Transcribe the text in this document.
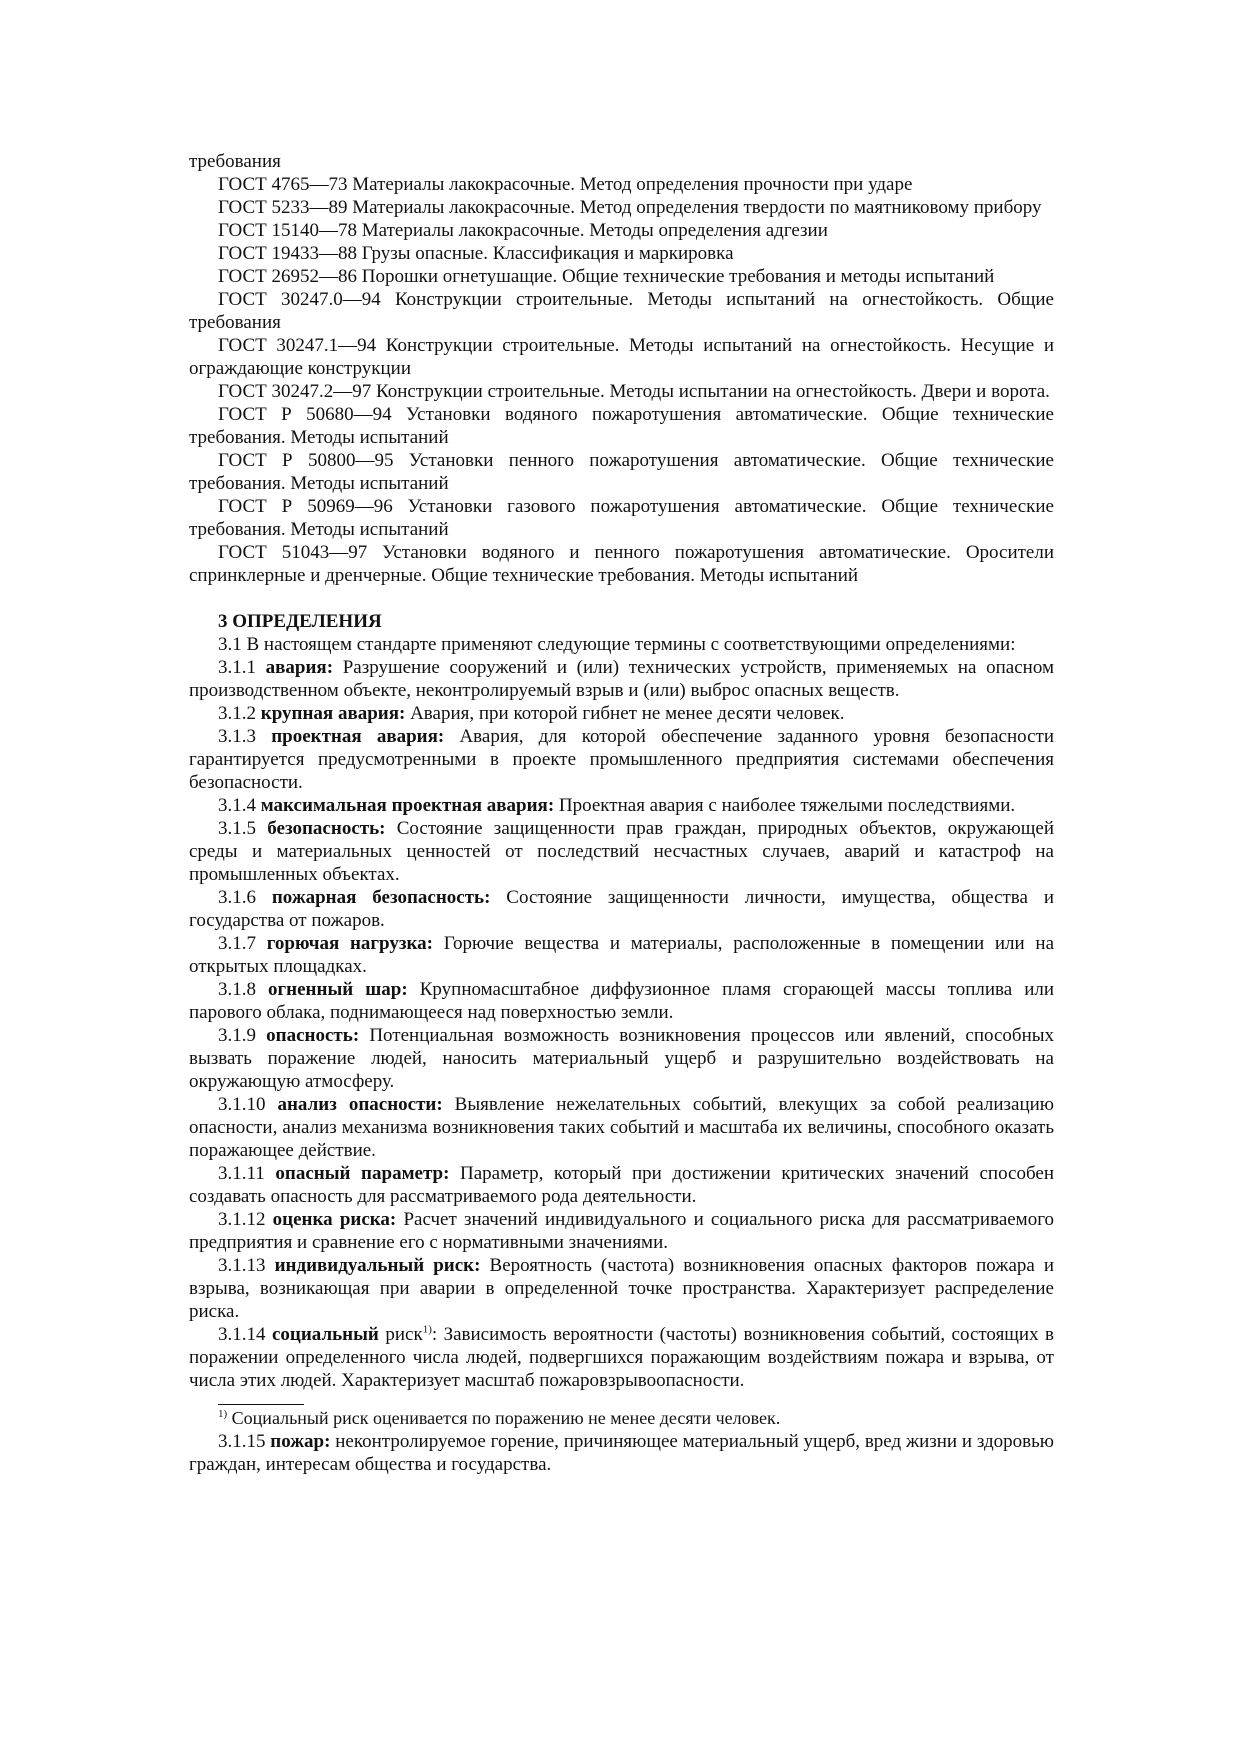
требования

ГОСТ 4765—73 Материалы лакокрасочные. Метод определения прочности при ударе

ГОСТ 5233—89 Материалы лакокрасочные. Метод определения твердости по маятниковому прибору

ГОСТ 15140—78 Материалы лакокрасочные. Методы определения адгезии

ГОСТ 19433—88 Грузы опасные. Классификация и маркировка

ГОСТ 26952—86 Порошки огнетушащие. Общие технические требования и методы испытаний

ГОСТ 30247.0—94 Конструкции строительные. Методы испытаний на огнестойкость. Общие требования

ГОСТ 30247.1—94 Конструкции строительные. Методы испытаний на огнестойкость. Несущие и ограждающие конструкции

ГОСТ 30247.2—97 Конструкции строительные. Методы испытании на огнестойкость. Двери и ворота.

ГОСТ Р 50680—94 Установки водяного пожаротушения автоматические. Общие технические требования. Методы испытаний

ГОСТ Р 50800—95 Установки пенного пожаротушения автоматические. Общие технические требования. Методы испытаний

ГОСТ Р 50969—96 Установки газового пожаротушения автоматические. Общие технические требования. Методы испытаний

ГОСТ 51043—97 Установки водяного и пенного пожаротушения автоматические. Оросители спринклерные и дренчерные. Общие технические требования. Методы испытаний

3 ОПРЕДЕЛЕНИЯ

3.1 В настоящем стандарте применяют следующие термины с соответствующими определениями:

3.1.1 авария: Разрушение сооружений и (или) технических устройств, применяемых на опасном производственном объекте, неконтролируемый взрыв и (или) выброс опасных веществ.

3.1.2 крупная авария: Авария, при которой гибнет не менее десяти человек.

3.1.3 проектная авария: Авария, для которой обеспечение заданного уровня безопасности гарантируется предусмотренными в проекте промышленного предприятия системами обеспечения безопасности.

3.1.4 максимальная проектная авария: Проектная авария с наиболее тяжелыми последствиями.

3.1.5 безопасность: Состояние защищенности прав граждан, природных объектов, окружающей среды и материальных ценностей от последствий несчастных случаев, аварий и катастроф на промышленных объектах.

3.1.6 пожарная безопасность: Состояние защищенности личности, имущества, общества и государства от пожаров.

3.1.7 горючая нагрузка: Горючие вещества и материалы, расположенные в помещении или на открытых площадках.

3.1.8 огненный шар: Крупномасштабное диффузионное пламя сгорающей массы топлива или парового облака, поднимающееся над поверхностью земли.

3.1.9 опасность: Потенциальная возможность возникновения процессов или явлений, способных вызвать поражение людей, наносить материальный ущерб и разрушительно воздействовать на окружающую атмосферу.

3.1.10 анализ опасности: Выявление нежелательных событий, влекущих за собой реализацию опасности, анализ механизма возникновения таких событий и масштаба их величины, способного оказать поражающее действие.

3.1.11 опасный параметр: Параметр, который при достижении критических значений способен создавать опасность для рассматриваемого рода деятельности.

3.1.12 оценка риска: Расчет значений индивидуального и социального риска для рассматриваемого предприятия и сравнение его с нормативными значениями.

3.1.13 индивидуальный риск: Вероятность (частота) возникновения опасных факторов пожара и взрыва, возникающая при аварии в определенной точке пространства. Характеризует распределение риска.

3.1.14 социальный риск$^{1)}$: Зависимость вероятности (частоты) возникновения событий, состоящих в поражении определенного числа людей, подвергшихся поражающим воздействиям пожара и взрыва, от числа этих людей. Характеризует масштаб пожаровзрывоопасности.

$^{1)}$ Социальный риск оценивается по поражению не менее десяти человек.

3.1.15 пожар: неконтролируемое горение, причиняющее материальный ущерб, вред жизни и здоровью граждан, интересам общества и государства.
